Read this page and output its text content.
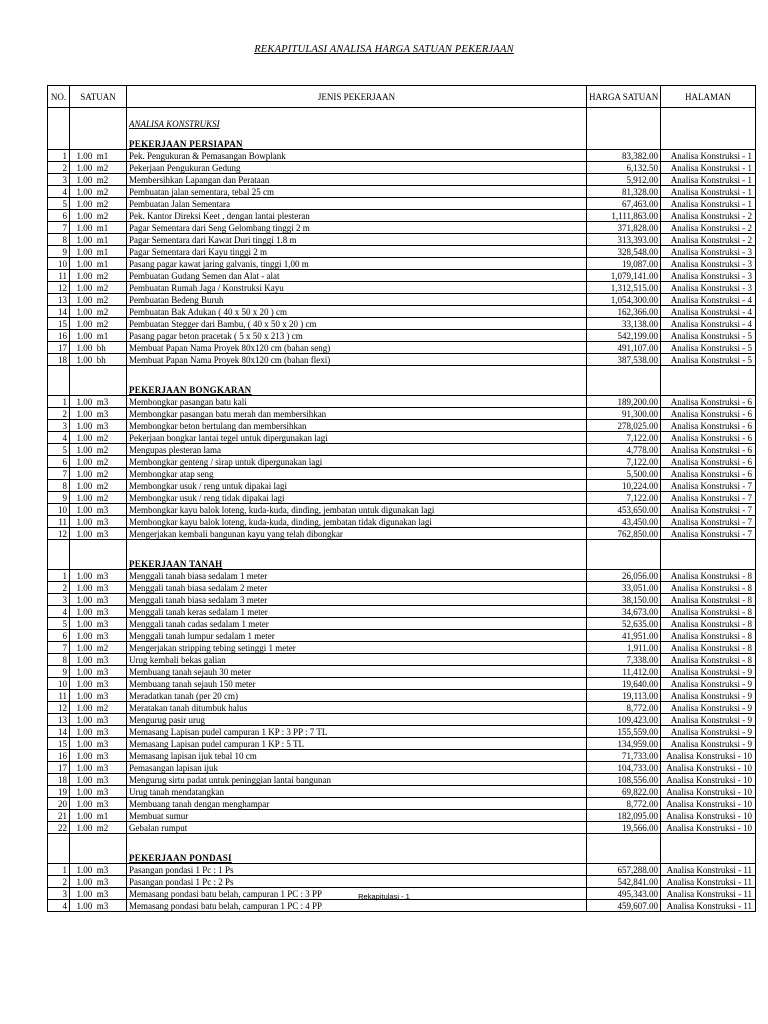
REKAPITULASI ANALISA HARGA SATUAN PEKERJAAN
NO.	SATUAN	JENIS PEKERJAAN	HARGA SATUAN	HALAMAN

		ANALISA KONSTRUKSI		

		PEKERJAAN PERSIAPAN		
1	1.00 m1	Pek. Pengukuran & Pemasangan Bowplank	83,382.00	Analisa Konstruksi - 1
2	1.00 m2	Pekerjaan Pengukuran Gedung	6,132.50	Analisa Konstruksi - 1
3	1.00 m2	Membersihkan Lapangan dan Perataan	5,912.00	Analisa Konstruksi - 1
4	1.00 m2	Pembuatan jalan sementara, tebal 25 cm	81,328.00	Analisa Konstruksi - 1
5	1.00 m2	Pembuatan Jalan Sementara	67,463.00	Analisa Konstruksi - 1
6	1.00 m2	Pek. Kantor Direksi Keet , dengan lantai plesteran	1,111,863.00	Analisa Konstruksi - 2
7	1.00 m1	Pagar Sementara dari Seng Gelombang tinggi 2 m	371,828.00	Analisa Konstruksi - 2
8	1.00 m1	Pagar Sementara dari Kawat Duri tinggi 1.8 m	313,393.00	Analisa Konstruksi - 2
9	1.00 m1	Pagar Sementara dari Kayu tinggi 2 m	328,548.00	Analisa Konstruksi - 3
10	1.00 m1	Pasang pagar kawat jaring galvanis, tinggi 1,00 m	19,087.00	Analisa Konstruksi - 3
11	1.00 m2	Pembuatan Gudang Semen dan Alat - alat	1,079,141.00	Analisa Konstruksi - 3
12	1.00 m2	Pembuatan Rumah Jaga / Konstruksi Kayu	1,312,515.00	Analisa Konstruksi - 3
13	1.00 m2	Pembuatan Bedeng Buruh	1,054,300.00	Analisa Konstruksi - 4
14	1.00 m2	Pembuatan Bak Adukan ( 40 x 50 x 20 ) cm	162,366.00	Analisa Konstruksi - 4
15	1.00 m2	Pembuatan Stegger dari Bambu, ( 40 x 50 x 20 ) cm	33,138.00	Analisa Konstruksi - 4
16	1.00 m1	Pasang pagar beton pracetak ( 5 x 50 x 213 ) cm	542,199.00	Analisa Konstruksi - 5
17	1.00 bh	Membuat Papan Nama Proyek 80x120 cm (bahan seng)	491,107.00	Analisa Konstruksi - 5
18	1.00 bh	Membuat Papan Nama Proyek 80x120 cm (bahan flexi)	387,538.00	Analisa Konstruksi - 5

		PEKERJAAN BONGKARAN		
1	1.00 m3	Membongkar pasangan batu kali	189,200.00	Analisa Konstruksi - 6
2	1.00 m3	Membongkar pasangan batu merah dan membersihkan	91,300.00	Analisa Konstruksi - 6
3	1.00 m3	Membongkar beton bertulang dan membersihkan	278,025.00	Analisa Konstruksi - 6
4	1.00 m2	Pekerjaan bongkar lantai tegel untuk dipergunakan lagi	7,122.00	Analisa Konstruksi - 6
5	1.00 m2	Mengupas plesteran lama	4,778.00	Analisa Konstruksi - 6
6	1.00 m2	Membongkar genteng / sirap untuk dipergunakan lagi	7,122.00	Analisa Konstruksi - 6
7	1.00 m2	Membongkar atap seng	5,500.00	Analisa Konstruksi - 6
8	1.00 m2	Membongkar usuk / reng untuk dipakai lagi	10,224.00	Analisa Konstruksi - 7
9	1.00 m2	Membongkar usuk / reng tidak dipakai lagi	7,122.00	Analisa Konstruksi - 7
10	1.00 m3	Membongkar kayu balok loteng, kuda-kuda, dinding, jembatan untuk digunakan lagi	453,650.00	Analisa Konstruksi - 7
11	1.00 m3	Membongkar kayu balok loteng, kuda-kuda, dinding, jembatan tidak digunakan lagi	43,450.00	Analisa Konstruksi - 7
12	1.00 m3	Mengerjakan kembali bangunan kayu yang telah dibongkar	762,850.00	Analisa Konstruksi - 7

		PEKERJAAN TANAH		
1	1.00 m3	Menggali tanah biasa sedalam 1 meter	26,056.00	Analisa Konstruksi - 8
2	1.00 m3	Menggali tanah biasa sedalam 2 meter	33,051.00	Analisa Konstruksi - 8
3	1.00 m3	Menggali tanah biasa sedalam 3 meter	38,150.00	Analisa Konstruksi - 8
4	1.00 m3	Menggali tanah keras sedalam 1 meter	34,673.00	Analisa Konstruksi - 8
5	1.00 m3	Menggali tanah cadas sedalam 1 meter	52,635.00	Analisa Konstruksi - 8
6	1.00 m3	Menggali tanah lumpur sedalam 1 meter	41,951.00	Analisa Konstruksi - 8
7	1.00 m2	Mengerjakan stripping tebing setinggi 1 meter	1,911.00	Analisa Konstruksi - 8
8	1.00 m3	Urug kembali bekas galian	7,338.00	Analisa Konstruksi - 8
9	1.00 m3	Membuang tanah sejauh 30 meter	11,412.00	Analisa Konstruksi - 9
10	1.00 m3	Membuang tanah sejauh 150 meter	19,640.00	Analisa Konstruksi - 9
11	1.00 m3	Meradatkan tanah (per 20 cm)	19,113.00	Analisa Konstruksi - 9
12	1.00 m2	Meratakan tanah ditumbuk halus	8,772.00	Analisa Konstruksi - 9
13	1.00 m3	Mengurug pasir urug	109,423.00	Analisa Konstruksi - 9
14	1.00 m3	Memasang Lapisan pudel campuran 1 KP : 3 PP : 7 TL	155,559.00	Analisa Konstruksi - 9
15	1.00 m3	Memasang Lapisan pudel campuran 1 KP : 5 TL	134,959.00	Analisa Konstruksi - 9
16	1.00 m3	Memasang lapisan ijuk tebal 10 cm	71,733.00	Analisa Konstruksi - 10
17	1.00 m3	Pemasangan lapisan ijuk	104,733.00	Analisa Konstruksi - 10
18	1.00 m3	Mengurug sirtu padat untuk peninggian lantai bangunan	108,556.00	Analisa Konstruksi - 10
19	1.00 m3	Urug tanah mendatangkan	69,822.00	Analisa Konstruksi - 10
20	1.00 m3	Membuang tanah dengan menghampar	8,772.00	Analisa Konstruksi - 10
21	1.00 m1	Membuat sumur	182,095.00	Analisa Konstruksi - 10
22	1.00 m2	Gebalan rumput	19,566.00	Analisa Konstruksi - 10

		PEKERJAAN PONDASI		
1	1.00 m3	Pasangan pondasi 1 Pc : 1 Ps	657,288.00	Analisa Konstruksi - 11
2	1.00 m3	Pasangan pondasi 1 Pc : 2 Ps	542,841.00	Analisa Konstruksi - 11
3	1.00 m3	Memasang pondasi batu belah, campuran 1 PC : 3 PP	495,343.00	Analisa Konstruksi - 11
4	1.00 m3	Memasang pondasi batu belah, campuran 1 PC : 4 PP	459,607.00	Analisa Konstruksi - 11
Rekapitulasi - 1
